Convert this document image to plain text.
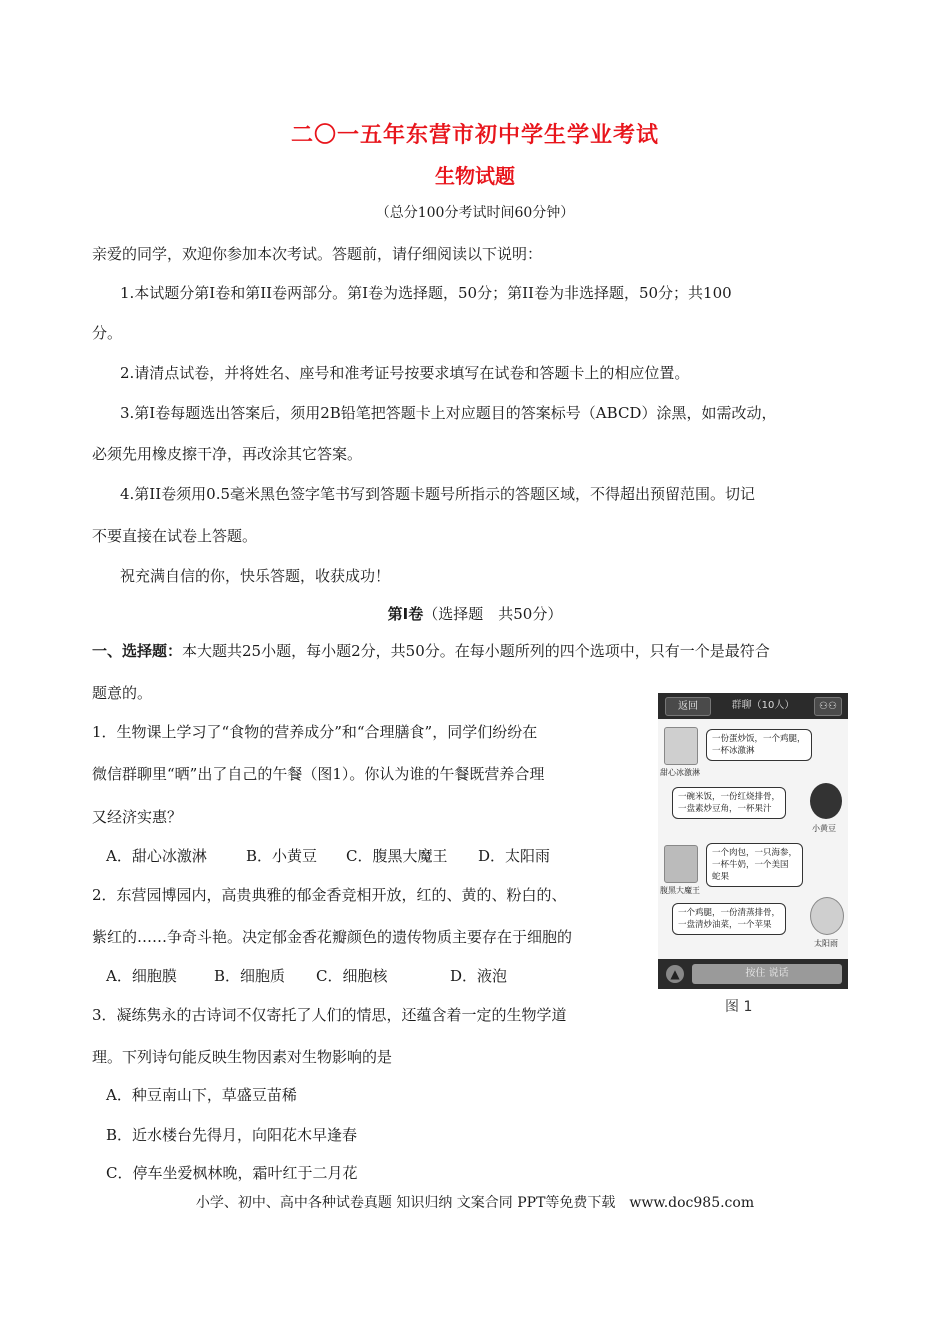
二〇一五年东营市初中学生学业考试
生物试题
（总分100分考试时间60分钟）
亲爱的同学，欢迎你参加本次考试。答题前，请仔细阅读以下说明：
1.本试题分第Ⅰ卷和第II卷两部分。第Ⅰ卷为选择题，50分；第II卷为非选择题，50分；共100
分。
2.请清点试卷，并将姓名、座号和准考证号按要求填写在试卷和答题卡上的相应位置。
3.第Ⅰ卷每题选出答案后，须用2B铅笔把答题卡上对应题目的答案标号（ABCD）涂黑，如需改动，
必须先用橡皮擦干净，再改涂其它答案。
4.第II卷须用0.5毫米黑色签字笔书写到答题卡题号所指示的答题区域，不得超出预留范围。切记
不要直接在试卷上答题。
祝充满自信的你，快乐答题，收获成功！
第Ⅰ卷（选择题　共50分）
一、选择题：本大题共25小题，每小题2分，共50分。在每小题所列的四个选项中，只有一个是最符合
题意的。
1．生物课上学习了“食物的营养成分”和“合理膳食”，同学们纷纷在
微信群聊里“晒”出了自己的午餐（图1）。你认为谁的午餐既营养合理
又经济实惠？
A．甜心冰激淋	B．小黄豆 C．腹黑大魔王 D．太阳雨
2．东营园博园内，高贵典雅的郁金香竞相开放，红的、黄的、粉白的、
紫红的……争奇斗艳。决定郁金香花瓣颜色的遗传物质主要存在于细胞的
A．细胞膜 B．细胞质 C．细胞核	D．液泡
3．凝练隽永的古诗词不仅寄托了人们的情思，还蕴含着一定的生物学道
理。下列诗句能反映生物因素对生物影响的是
A．种豆南山下，草盛豆苗稀
B．近水楼台先得月，向阳花木早逢春
C．停车坐爱枫林晚，霜叶红于二月花
返回	群聊（10人）	⚇⚇
甜心冰激淋
一份蛋炒饭，一个鸡腿，
一杯冰激淋
一碗米饭，一份红烧排骨，
一盘素炒豆角，一杯果汁
小黄豆
腹黑大魔王
一个肉包，一只海参，
一杯牛奶，一个美国
蛇果
一个鸡腿，一份清蒸排骨，
一盘清炒油菜，一个苹果
太阳雨
▲	按住 说话
图 1
小学、初中、高中各种试卷真题 知识归纳 文案合同 PPT等免费下载　www.doc985.com
